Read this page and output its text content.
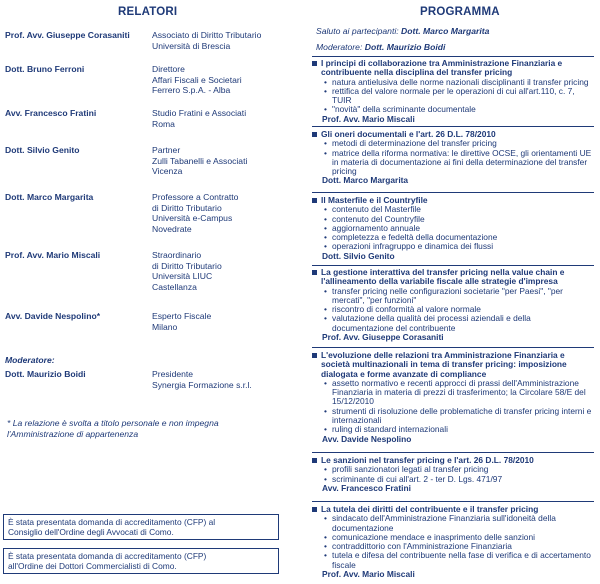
RELATORI
Prof. Avv. Giuseppe Corasaniti	Associato di Diritto Tributario
Università di Brescia
Dott. Bruno Ferroni	Direttore
Affari Fiscali e Societari
Ferrero S.p.A. - Alba
Avv. Francesco Fratini	Studio Fratini e Associati
Roma
Dott. Silvio Genito	Partner
Zulli Tabanelli e Associati
Vicenza
Dott. Marco Margarita	Professore a Contratto
di Diritto Tributario
Università e-Campus
Novedrate
Prof. Avv. Mario Miscali	Straordinario
di Diritto Tributario
Università LIUC
Castellanza
Avv. Davide Nespolino*	Esperto Fiscale
Milano
Moderatore:
Dott. Maurizio Boidi	Presidente
Synergia Formazione s.r.l.
* La relazione è svolta a titolo personale e non impegna
l'Amministrazione di appartenenza
È stata presentata domanda di accreditamento (CFP) al
Consiglio dell'Ordine degli Avvocati di Como.
È stata presentata domanda di accreditamento (CFP)
all'Ordine dei Dottori Commercialisti di Como.
PROGRAMMA
Saluto ai partecipanti: Dott. Marco Margarita
Moderatore: Dott. Maurizio Boidi
I principi di collaborazione tra Amministrazione Finanziaria e contribuente nella disciplina del transfer pricing
• natura antielusiva delle norme nazionali disciplinanti il transfer pricing
• rettifica del valore normale per le operazioni di cui all'art.110, c. 7, TUIR
• "novità" della scriminante documentale
Prof. Avv. Mario Miscali
Gli oneri documentali e l'art. 26 D.L. 78/2010
• metodi di determinazione del transfer pricing
• matrice della riforma normativa: le direttive OCSE, gli orientamenti UE in materia di documentazione ai fini della determinazione del transfer pricing
Dott. Marco Margarita
Il Masterfile e il Countryfile
• contenuto del Masterfile
• contenuto del Countryfile
• aggiornamento annuale
• completezza e fedeltà della documentazione
• operazioni infragruppo e dinamica dei flussi
Dott. Silvio Genito
La gestione interattiva del transfer pricing nella value chain e l'allineamento della variabile fiscale alle strategie d'impresa
• transfer pricing nelle configurazioni societarie "per Paesi", "per mercati", "per funzioni"
• riscontro di conformità al valore normale
• valutazione della qualità dei processi aziendali e della documentazione del contribuente
Prof. Avv. Giuseppe Corasaniti
L'evoluzione delle relazioni tra Amministrazione Finanziaria e società multinazionali in tema di transfer pricing: imposizione dialogata e forme avanzate di compliance
• assetto normativo e recenti approcci di prassi dell'Amministrazione Finanziaria in materia di prezzi di trasferimento; la Circolare 58/E del 15/12/2010
• strumenti di risoluzione delle problematiche di transfer pricing interni e internazionali
• ruling di standard internazionali
Avv. Davide Nespolino
Le sanzioni nel transfer pricing e l'art. 26 D.L. 78/2010
• profili sanzionatori legati al transfer pricing
• scriminante di cui all'art. 2 - ter D. Lgs. 471/97
Avv. Francesco Fratini
La tutela dei diritti del contribuente e il transfer pricing
• sindacato dell'Amministrazione Finanziaria sull'idoneità della documentazione
• comunicazione mendace e inasprimento delle sanzioni
• contraddittorio con l'Amministrazione Finanziaria
• tutela e difesa del contribuente nella fase di verifica e di accertamento fiscale
Prof. Avv. Mario Miscali
